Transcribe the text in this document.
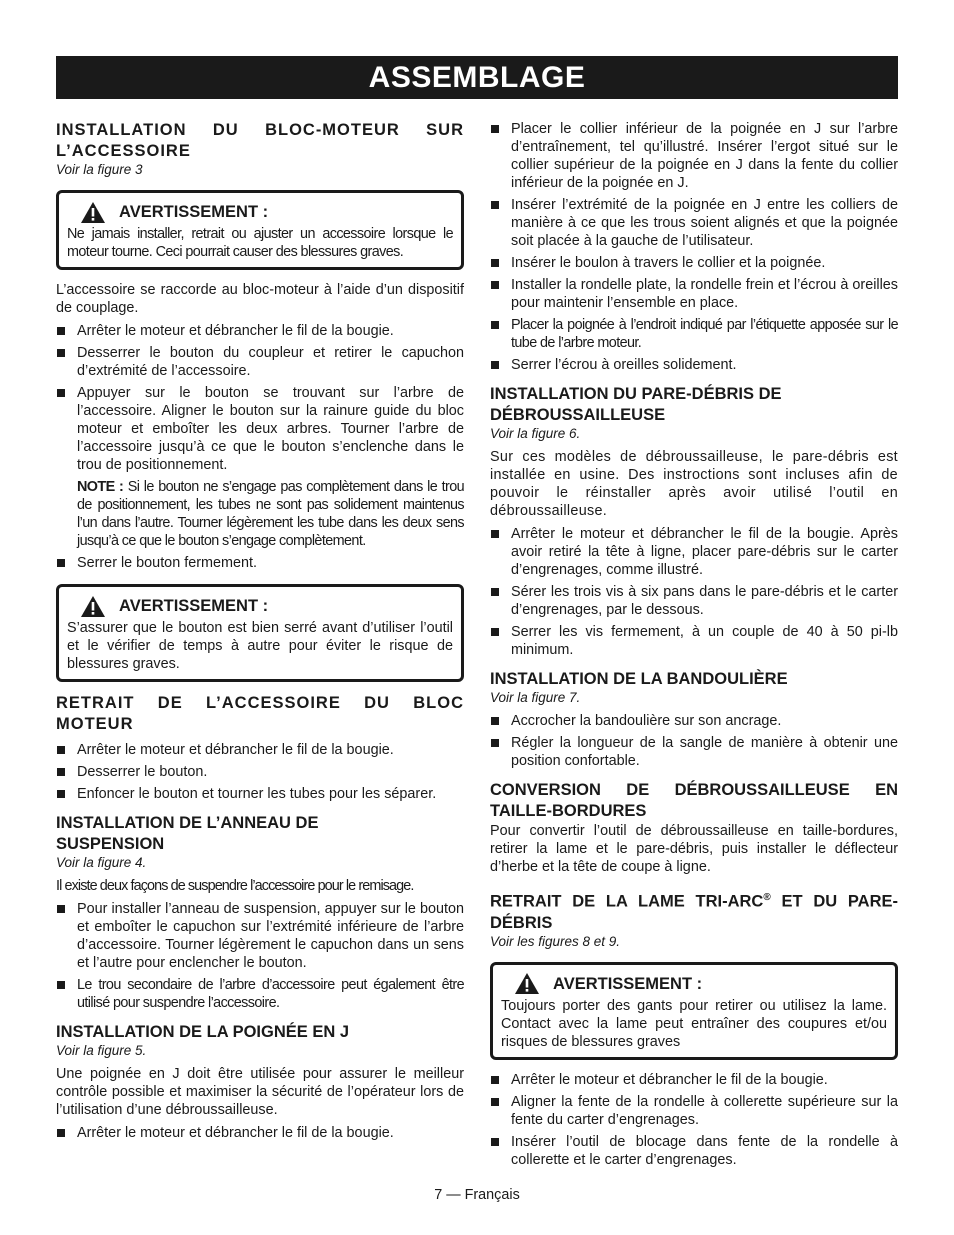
ASSEMBLAGE
INSTALLATION DU BLOC-MOTEUR SUR L’ACCESSOIRE
Voir la figure 3
AVERTISSEMENT :
Ne jamais installer, retrait ou ajuster un accessoire lorsque le moteur tourne. Ceci pourrait causer des blessures graves.

L’accessoire se raccorde au bloc-moteur à l’aide d’un dispositif de couplage.

Arrêter le moteur et débrancher le fil de la bougie.
Desserrer le bouton du coupleur et retirer le capuchon d’extrémité de l’accessoire.
Appuyer sur le bouton se trouvant sur l’arbre de l’accessoire. Aligner le bouton sur la rainure guide du bloc moteur et emboîter les deux arbres. Tourner l’arbre de l’accessoire jusqu’à ce que le bouton s’enclenche dans le trou de positionnement.
NOTE : Si le bouton ne s’engage pas complètement dans le trou de positionnement, les tubes ne sont pas solidement maintenus l’un dans l’autre. Tourner légèrement les tube dans les deux sens jusqu’à ce que le bouton s’engage complètement.
Serrer le bouton fermement.
AVERTISSEMENT :
S’assurer que le bouton est bien serré avant d’utiliser l’outil et le vérifier de temps à autre pour éviter le risque de blessures graves.
RETRAIT DE L’ACCESSOIRE DU BLOC MOTEUR
Arrêter le moteur et débrancher le fil de la bougie.
Desserrer le bouton.
Enfoncer le bouton et tourner les tubes pour les séparer.
INSTALLATION DE L’ANNEAU DE SUSPENSION
Voir la figure 4.

Il existe deux façons de suspendre l’accessoire pour le remisage.

Pour installer l’anneau de suspension, appuyer sur le bouton et emboîter le capuchon sur l’extrémité inférieure de l’arbre d’accessoire. Tourner légèrement le capuchon dans un sens et l’autre pour enclencher le bouton.
Le trou secondaire de l’arbre d’accessoire peut également être utilisé pour suspendre l’accessoire.
INSTALLATION DE LA POIGNÉE EN J
Voir la figure 5.

Une poignée en J doit être utilisée pour assurer le meilleur contrôle possible et maximiser la sécurité de l’opérateur lors de l’utilisation d’une débroussailleuse.

Arrêter le moteur et débrancher le fil de la bougie.
Placer le collier inférieur de la poignée en J sur l’arbre d’entraînement, tel qu’illustré. Insérer l’ergot situé sur le collier supérieur de la poignée en J dans la fente du collier inférieur de la poignée en J.
Insérer l’extrémité de la poignée en J entre les colliers de manière à ce que les trous soient alignés et que la poignée soit placée à la gauche de l’utilisateur.
Insérer le boulon à travers le collier et la poignée.
Installer la rondelle plate, la rondelle frein et l’écrou à oreilles pour maintenir l’ensemble en place.
Placer la poignée à l’endroit indiqué par l’étiquette apposée sur le tube de l’arbre moteur.
Serrer l’écrou à oreilles solidement.
INSTALLATION DU PARE-DÉBRIS DE DÉBROUSSAILLEUSE
Voir la figure 6.

Sur ces modèles de débroussailleuse, le pare-débris est installée en usine. Des instroctions sont incluses afin de pouvoir le réinstaller après avoir utilisé l’outil en débroussailleuse.

Arrêter le moteur et débrancher le fil de la bougie. Après avoir retiré la tête à ligne, placer pare-débris sur le carter d’engrenages, comme illustré.
Sérer les trois vis à six pans dans le pare-débris et le carter d’engrenages, par le dessous.
Serrer les vis fermement, à un couple de 40 à 50 pi-lb minimum.
INSTALLATION DE LA BANDOULIÈRE
Voir la figure 7.
Accrocher la bandoulière sur son ancrage.
Régler la longueur de la sangle de manière à obtenir une position confortable.
CONVERSION DE DÉBROUSSAILLEUSE EN TAILLE-BORDURES

Pour convertir l’outil de débroussailleuse en taille-bordures, retirer la lame et le pare-débris, puis installer le déflecteur d’herbe et la tête de coupe à ligne.

RETRAIT DE LA LAME TRI-ARC® ET DU PARE-DÉBRIS
Voir les figures 8 et 9.
AVERTISSEMENT :
Toujours porter des gants pour retirer ou utilisez la lame. Contact avec la lame peut entraîner des coupures et/ou risques de blessures graves
Arrêter le moteur et débrancher le fil de la bougie.
Aligner la fente de la rondelle à collerette supérieure sur la fente du carter d’engrenages.
Insérer l’outil de blocage dans fente de la rondelle à collerette et le carter d’engrenages.
7 — Français
